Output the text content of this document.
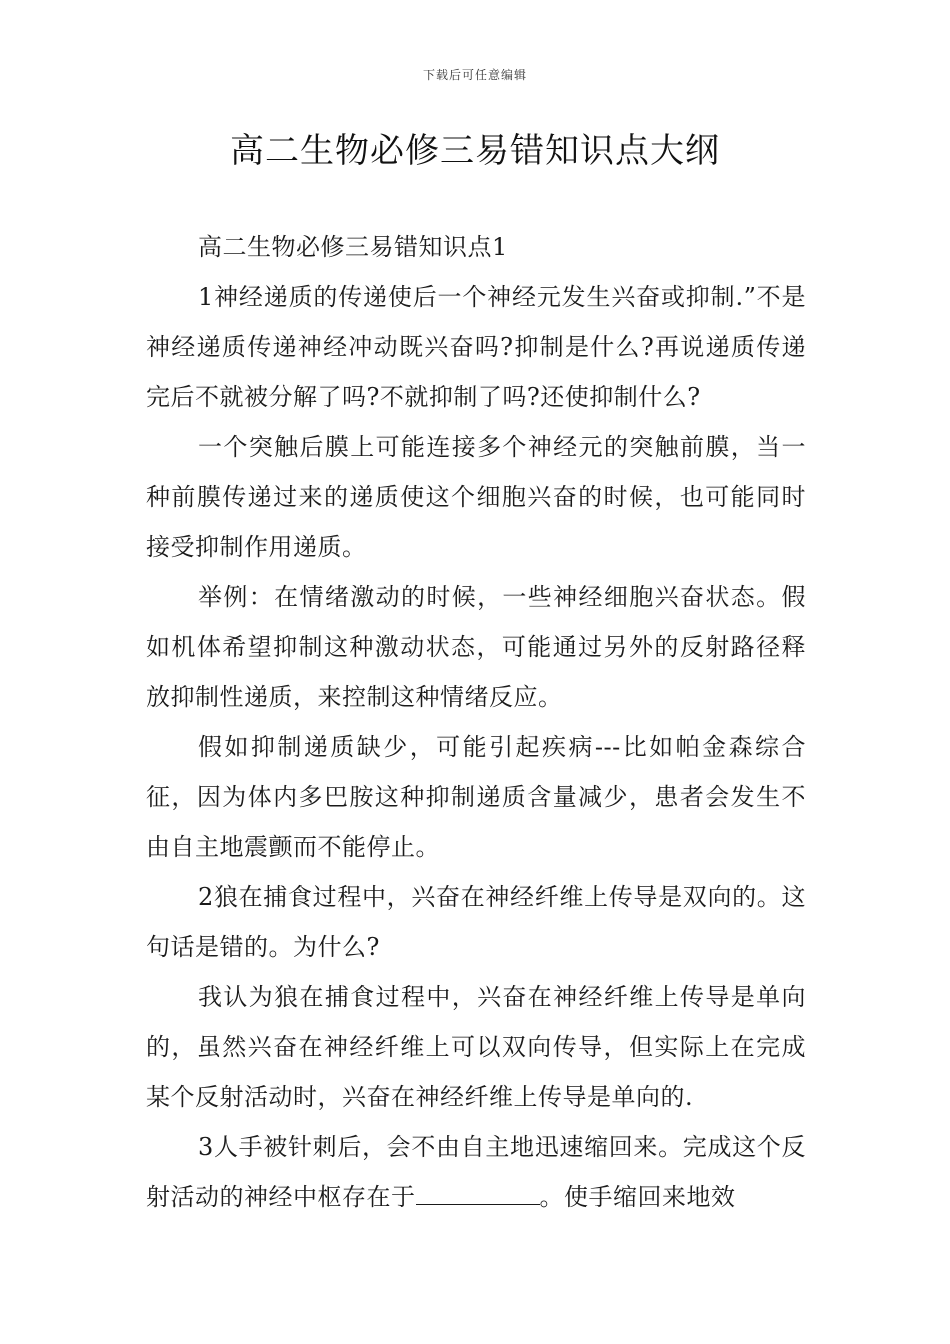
下载后可任意编辑
高二生物必修三易错知识点大纲

高二生物必修三易错知识点1

1神经递质的传递使后一个神经元发生兴奋或抑制.”不是神经递质传递神经冲动既兴奋吗?抑制是什么?再说递质传递完后不就被分解了吗?不就抑制了吗?还使抑制什么?

一个突触后膜上可能连接多个神经元的突触前膜，当一种前膜传递过来的递质使这个细胞兴奋的时候，也可能同时接受抑制作用递质。

举例：在情绪激动的时候，一些神经细胞兴奋状态。假如机体希望抑制这种激动状态，可能通过另外的反射路径释放抑制性递质，来控制这种情绪反应。

假如抑制递质缺少，可能引起疾病---比如帕金森综合征，因为体内多巴胺这种抑制递质含量减少，患者会发生不由自主地震颤而不能停止。

2狼在捕食过程中，兴奋在神经纤维上传导是双向的。这句话是错的。为什么?

我认为狼在捕食过程中，兴奋在神经纤维上传导是单向的，虽然兴奋在神经纤维上可以双向传导，但实际上在完成某个反射活动时，兴奋在神经纤维上传导是单向的.

3人手被针刺后，会不由自主地迅速缩回来。完成这个反射活动的神经中枢存在于	。使手缩回来地效
